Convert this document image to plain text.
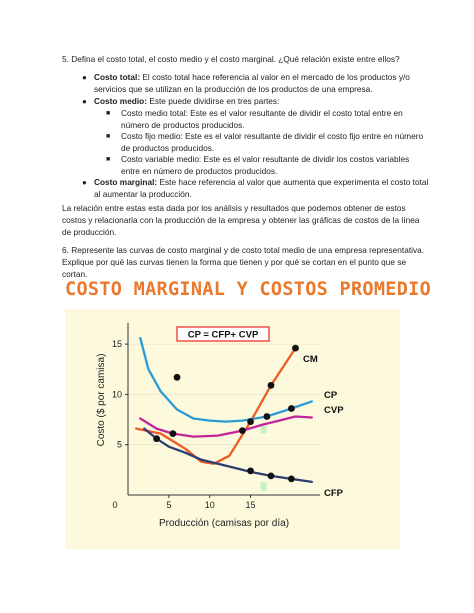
5. Defina el costo total, el costo medio y el costo marginal. ¿Qué relación existe entre ellos?
● Costo total: El costo total hace referencia al valor en el mercado de los productos y/o
servicios que se utilizan en la producción de los productos de una empresa.
● Costo medio: Este puede dividirse en tres partes:
■ Costo medio total: Este es el valor resultante de dividir el costo total entre en
número de productos producidos.
■ Costo fijo medio: Este es el valor resultante de dividir el costo fijo entre en número
de productos producidos.
■ Costo variable medio: Este es el valor resultante de dividir los costos variables
entre en número de productos producidos.
● Costo marginal: Este hace referencia al valor que aumenta que experimenta el costo total
al aumentar la producción.
La relación entre estas esta dada por los análisis y resultados que podemos obtener de estos
costos y relacionarla con la producción de la empresa y obtener las gráficas de costos de la línea
de producción.
6. Represente las curvas de costo marginal y de costo total medio de una empresa representativa.
Explique por qué las curvas tienen la forma que tienen y por qué se cortan en el punto que se
cortan.
0	5	10	15
5
10
15
Producción (camisas por día)
Costo ($ por camisa)	CM
CP
CVP
CFP
CP = CFP+ CVP
COSTO MARGINAL Y COSTOS PROMEDIO
